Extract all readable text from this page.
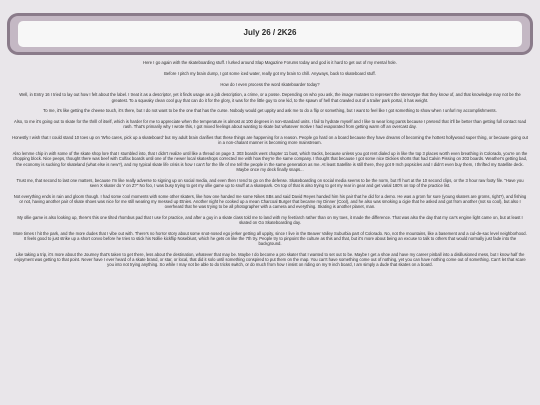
July 26 / 2K26

Here I go again with the skateboarding stuff. I lurked around Slap Magazine Forums today and god is it hard to get out of my mental hole.

Before I pitch my brain dump, I got some iced water, really got my brain to chill. Anyways, back to skateboard stuff.

How do I even process the word skateboarder today?

Well, in Entry 16 I tried to lay out how I felt about the label. I treat it as a descriptor, yet it finds usage as a job description, a crime, or a posse. Depending on who you ask, the image mutates to represent the stereotype that they know of, and that knowledge may not be the greatest. To a squeaky clean cool guy that can do it for the glory, it was for the little guy to one kid, to the spawn of hell that crawled out of a trailer park portal, it has weight.

To me, it's like getting the cheese touch, it's there, but I do not want to be the one that has the curse. Nobody would get uppity and ask me to do a flip or something, but I want to feel like I got something to show when I unfurl my accomplishments.

Also, to me it's going out to skate for the thrill of itself, which is harder for me to appreciate when the temperature is almost at 100 degrees in non-standard units. I fail to hydrate myself and I like to wear long pants because I pretend that it'll be better than getting full contact road rash. That's primarily why I wrote this, I got mixed feelings about wanting to skate but whatever motive I had evaporated from getting warm off an overcast day.

Honestly I wish that I could stand 10 toes up on 'Who cares, pick up a skateboard' but my adult brain clarifies that these things are happening for a reason. People go hard on a board because they have dreams of becoming the hottest hollywood super thing, or because going out in a non-chalant manner is becoming more mainstream.

Also lemme chip in with some of the skate shop lore that I stumbled into, that I didn't realize until like a thread on page 3. 303 boards went chapter 11 bust, which tracks, because unless you got rent dialed up in like the top 3 places worth even breathing in Colorado, you're on the chopping block. Nice peeps, thought there was beef with Colfax boards until one of the newer local skateshops corrected me with how they're the same company. I thought that because I got some nice Dickies shorts that had Calvin Pissing on 303 boards. Weather's getting bad, the economy is sucking for skateland (what else is new?), and my typical skate life crisis is how I can't for the life of me tell the people in the same generation as me. At least Satellite is still there, they got 9 Inch popsicles and I didn't even buy them, I thrifted my Satellite deck. Maybe once my deck finally snaps...

Trust me, that second to last one matters, because I'm like really adverse to signing up on social media, and even then I tend to go on the defense. Skateboarding on social media seems to be the norm, but I'll hurt at the 10 second clips, or the 3 hour raw footy file. "Have you seen X skater do Y on Z?" No foo, I was busy trying to get my ollie game up to snuff at a skatepark. On top of that is also trying to get my rear in gear and get varial 180's on top of the practice list.

Not everything ends in rain and gloom though. I had some cool moments with some other skaters, like how one handed me some Nikes SBs and said David Reyes handed him his pair that he did for a demo. He was a grom for sure (young skaters are groms, right?), and fishing or not, having another pair of skate shoes was nice for me still wearing my messed up Etnies. Another night he cooked up a mean Charcoal Burger that became my Dinner (Cool), and he also was smoking a cigie that he asked and got from another (not so cool), but also I overheard that he was trying to be all photographer with a camera and everything. Skating is another planet, man.

My ollie game is also looking up, there's this one tilted rhombus pad that I use for practice, and after a guy in a skate class told me to land with my feet/arch rather than on my toes, it made the difference. That was also the day that my car's engine light came on, but at least I skated on Go Skateboarding day.

More times I hit the park, and the more dudes that I vibe out with. There's no horror story about some snot-nosed ego jerker getting all uppity, since I live in the Beaver Valley Suburbia part of Colorado. No, not the mountains, like a basement and a cul-de-sac level neighborhood. It feels good to just strike up a short convo before he tries to stick his Nollie kickflip Noseblunt, which he gets on like the 7th try. People try to pinpoint the culture as this and that, but it's more about being an excuse to talk to others that would normally just fade into the background.

Like taking a trip, it's more about the Journey that's taken to get there, less about the destination, whatever that may be. Maybe I do become a pro skater that I wanted to set out to be. Maybe I get a shoe and have my career pinball into a disillusioned mess, but I know half the enjoyment was getting to that point. Never have I ever heard of a skate brand, or star, or local, that did it solo until something conspired to put them on the map. You can't have something come out of nothing, yet you can have nothing come out of something. Can't let that scare you into not trying anything. So while I may not be able to do tricks switch, or do much from how I insist on riding on my 9 inch board, I am simply a dude that skates on a board.
